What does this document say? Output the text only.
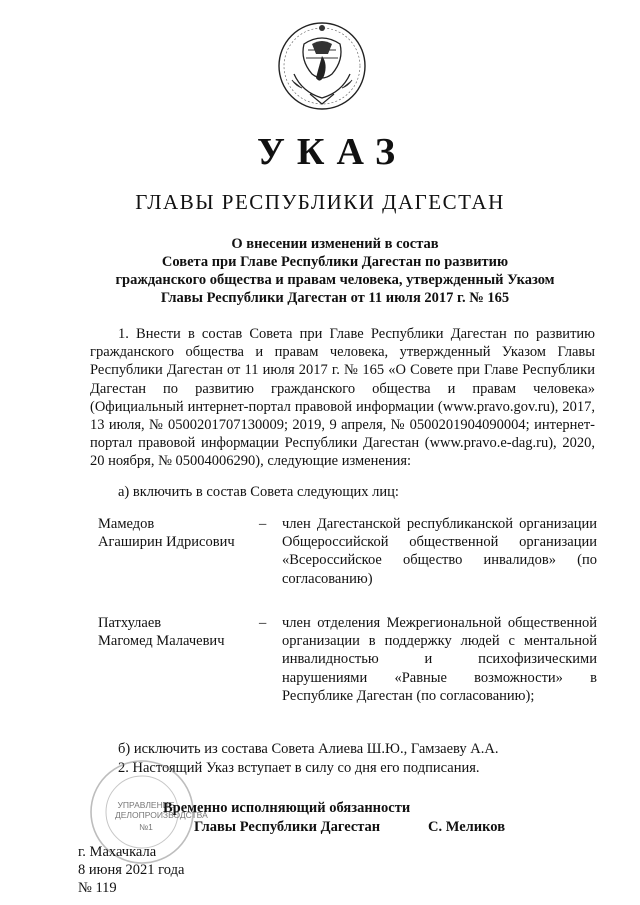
УКАЗ
ГЛАВЫ РЕСПУБЛИКИ ДАГЕСТАН
О внесении изменений в состав
Совета при Главе Республики Дагестан по развитию
гражданского общества и правам человека, утвержденный Указом
Главы Республики Дагестан от 11 июля 2017 г. № 165

1. Внести в состав Совета при Главе Республики Дагестан по развитию гражданского общества и правам человека, утвержденный Указом Главы Республики Дагестан от 11 июля 2017 г. № 165 «О Совете при Главе Республики Дагестан по развитию гражданского общества и правам человека» (Официальный интернет-портал правовой информации (www.pravo.gov.ru), 2017, 13 июля, № 0500201707130009; 2019, 9 апреля, № 0500201904090004; интернет-портал правовой информации Республики Дагестан (www.pravo.e-dag.ru), 2020, 20 ноября, № 05004006290), следующие изменения:

а) включить в состав Совета следующих лиц:
Мамедов
Агаширин Идрисович
– член Дагестанской республиканской организации Общероссийской общественной организации «Всероссийское общество инвалидов» (по согласованию)
Патхулаев
Магомед Малачевич
– член отделения Межрегиональной общественной организации в поддержку людей с ментальной инвалидностью и психофизическими нарушениями «Равные возможности» в Республике Дагестан (по согласованию);
б) исключить из состава Совета Алиева Ш.Ю., Гамзаеву А.А.
2. Настоящий Указ вступает в силу со дня его подписания.
УПРАВЛЕНИЕ
ДЕЛОПРОИЗВОДСТВА
№1
Временно исполняющий обязанности
Главы Республики Дагестан	С. Меликов
г. Махачкала
8 июня 2021 года
№ 119
